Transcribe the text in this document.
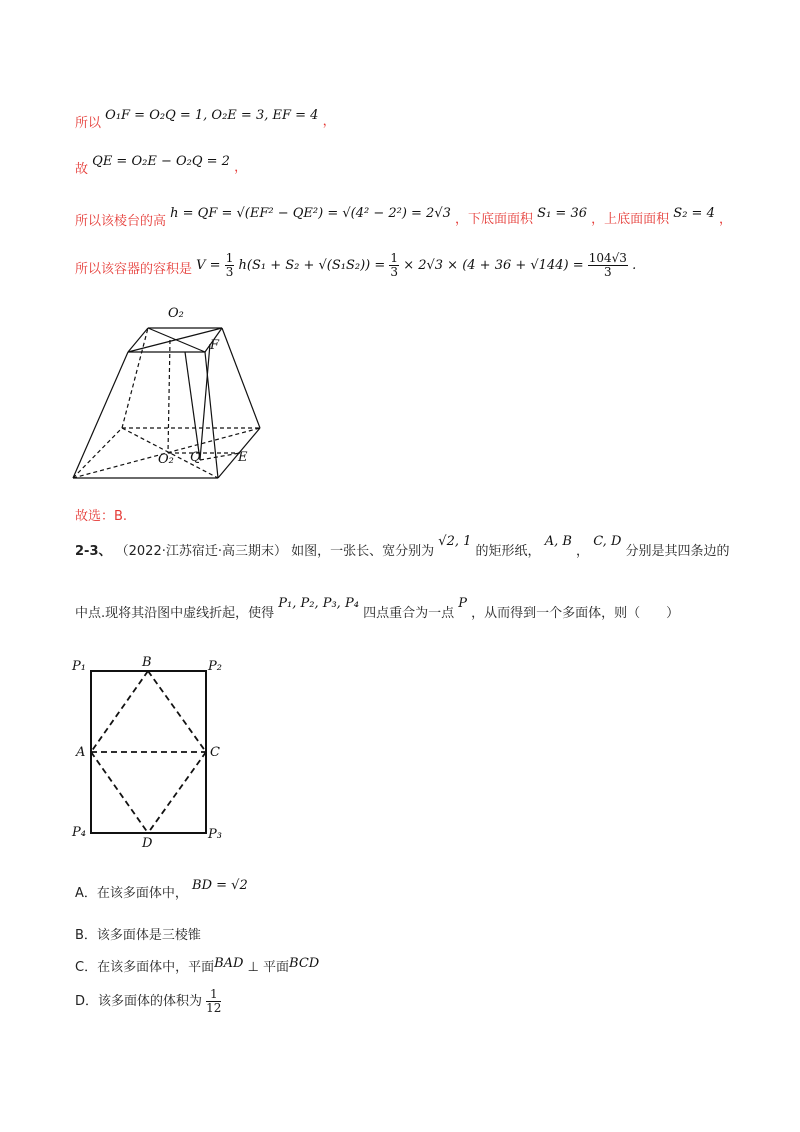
所以 O₁F = O₂Q = 1, O₂E = 3, EF = 4 ，
故 QE = O₂E − O₂Q = 2 ，
所以该棱台的高 h = QF = √(EF² − QE²) = √(4² − 2²) = 2√3 ，下底面面积 S₁ = 36 ，上底面面积 S₂ = 4 ，
所以该容器的容积是 $V = \frac{1}{3} h(S_1 + S_2 + √(S_1S_2)) = \frac{1}{3} \times 2√3 \times (4 + 36 + √144) = \frac{104√3}{3}$ .
O₂
F
O₂ Q	E
故选：B.
2-3、 （2022·江苏宿迁·高三期末） 如图，一张长、宽分别为 √2, 1 的矩形纸， A, B ， C, D 分别是其四条边的
中点.现将其沿图中虚线折起，使得 P₁, P₂, P₃, P₄ 四点重合为一点 P ，从而得到一个多面体，则（　　）
P₁	B	P₂
A	C
P₄
D
P₃
A．在该多面体中， BD = √2
B．该多面体是三棱锥
C．在该多面体中，平面BAD ⊥ 平面BCD
D．该多面体的体积为 $\frac{1}{12}$
